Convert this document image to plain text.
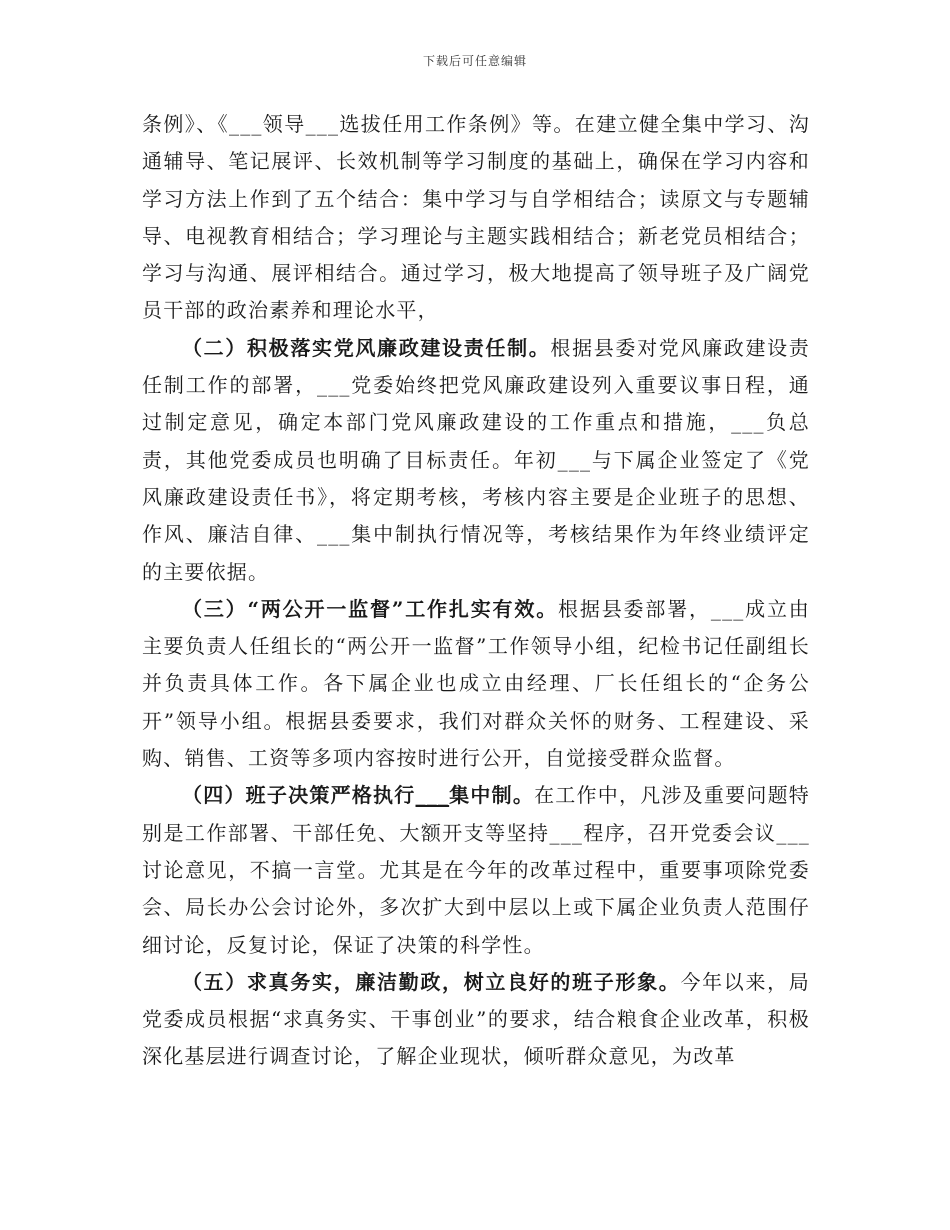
下载后可任意编辑

条例》、《___领导___选拔任用工作条例》等。在建立健全集中学习、沟通辅导、笔记展评、长效机制等学习制度的基础上，确保在学习内容和学习方法上作到了五个结合：集中学习与自学相结合；读原文与专题辅导、电视教育相结合；学习理论与主题实践相结合；新老党员相结合；学习与沟通、展评相结合。通过学习，极大地提高了领导班子及广阔党员干部的政治素养和理论水平，

（二）积极落实党风廉政建设责任制。根据县委对党风廉政建设责任制工作的部署，___党委始终把党风廉政建设列入重要议事日程，通过制定意见，确定本部门党风廉政建设的工作重点和措施，___负总责，其他党委成员也明确了目标责任。年初___与下属企业签定了《党风廉政建设责任书》，将定期考核，考核内容主要是企业班子的思想、作风、廉洁自律、___集中制执行情况等，考核结果作为年终业绩评定的主要依据。

（三）“两公开一监督”工作扎实有效。根据县委部署，___成立由主要负责人任组长的“两公开一监督”工作领导小组，纪检书记任副组长并负责具体工作。各下属企业也成立由经理、厂长任组长的“企务公开”领导小组。根据县委要求，我们对群众关怀的财务、工程建设、采购、销售、工资等多项内容按时进行公开，自觉接受群众监督。

（四）班子决策严格执行___集中制。在工作中，凡涉及重要问题特别是工作部署、干部任免、大额开支等坚持___程序，召开党委会议___讨论意见，不搞一言堂。尤其是在今年的改革过程中，重要事项除党委会、局长办公会讨论外，多次扩大到中层以上或下属企业负责人范围仔细讨论，反复讨论，保证了决策的科学性。

（五）求真务实，廉洁勤政，树立良好的班子形象。今年以来，局党委成员根据“求真务实、干事创业”的要求，结合粮食企业改革，积极深化基层进行调查讨论，了解企业现状，倾听群众意见，为改革
